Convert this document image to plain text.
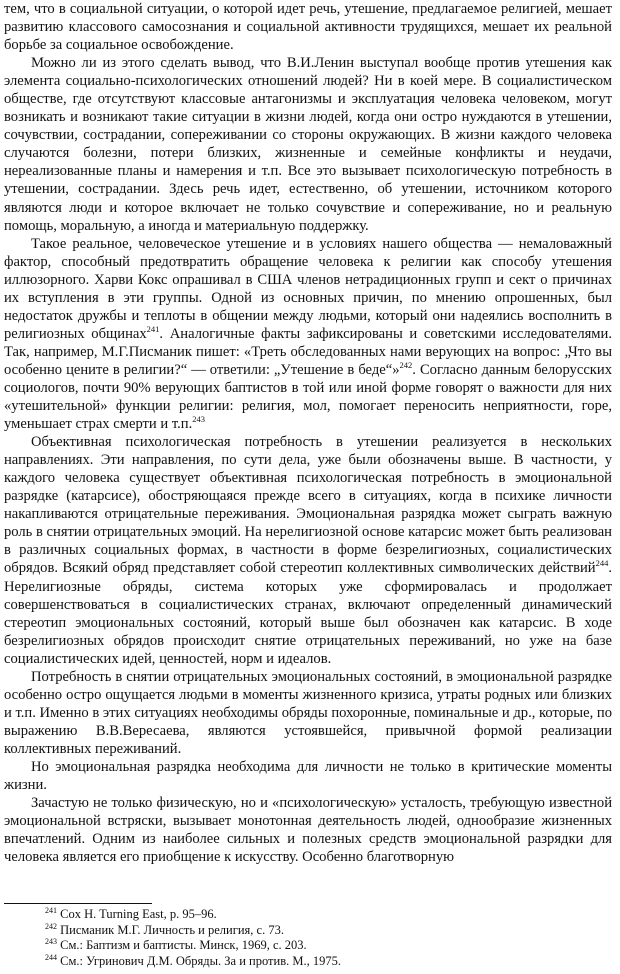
тем, что в социальной ситуации, о которой идет речь, утешение, предлагаемое религией, мешает развитию классового самосознания и социальной активности трудящихся, мешает их реальной борьбе за социальное освобождение.

Можно ли из этого сделать вывод, что В.И.Ленин выступал вообще против утешения как элемента социально-психологических отношений людей? Ни в коей мере. В социалистическом обществе, где отсутствуют классовые антагонизмы и эксплуатация человека человеком, могут возникать и возникают такие ситуации в жизни людей, когда они остро нуждаются в утешении, сочувствии, сострадании, сопереживании со стороны окружающих. В жизни каждого человека случаются болезни, потери близких, жизненные и семейные конфликты и неудачи, нереализованные планы и намерения и т.п. Все это вызывает психологическую потребность в утешении, сострадании. Здесь речь идет, естественно, об утешении, источником которого являются люди и которое включает не только сочувствие и сопереживание, но и реальную помощь, моральную, а иногда и материальную поддержку.

Такое реальное, человеческое утешение и в условиях нашего общества — немаловажный фактор, способный предотвратить обращение человека к религии как способу утешения иллюзорного. Харви Кокс опрашивал в США членов нетрадиционных групп и сект о причинах их вступления в эти группы. Одной из основных причин, по мнению опрошенных, был недостаток дружбы и теплоты в общении между людьми, который они надеялись восполнить в религиозных общинах$^{241}$. Аналогичные факты зафиксированы и советскими исследователями. Так, например, М.Г.Писманик пишет: «Треть обследованных нами верующих на вопрос: „Что вы особенно цените в религии?“ — ответили: „Утешение в беде“»$^{242}$. Согласно данным белорусских социологов, почти 90% верующих баптистов в той или иной форме говорят о важности для них «утешительной» функции религии: религия, мол, помогает переносить неприятности, горе, уменьшает страх смерти и т.п.$^{243}$

Объективная психологическая потребность в утешении реализуется в нескольких направлениях. Эти направления, по сути дела, уже были обозначены выше. В частности, у каждого человека существует объективная психологическая потребность в эмоциональной разрядке (катарсисе), обостряющаяся прежде всего в ситуациях, когда в психике личности накапливаются отрицательные переживания. Эмоциональная разрядка может сыграть важную роль в снятии отрицательных эмоций. На нерелигиозной основе катарсис может быть реализован в различных социальных формах, в частности в форме безрелигиозных, социалистических обрядов. Всякий обряд представляет собой стереотип коллективных символических действий$^{244}$. Нерелигиозные обряды, система которых уже сформировалась и продолжает совершенствоваться в социалистических странах, включают определенный динамический стереотип эмоциональных состояний, который выше был обозначен как катарсис. В ходе безрелигиозных обрядов происходит снятие отрицательных переживаний, но уже на базе социалистических идей, ценностей, норм и идеалов.

Потребность в снятии отрицательных эмоциональных состояний, в эмоциональной разрядке особенно остро ощущается людьми в моменты жизненного кризиса, утраты родных или близких и т.п. Именно в этих ситуациях необходимы обряды похоронные, поминальные и др., которые, по выражению В.В.Вересаева, являются устоявшейся, привычной формой реализации коллективных переживаний.

Но эмоциональная разрядка необходима для личности не только в критические моменты жизни.

Зачастую не только физическую, но и «психологическую» усталость, требующую известной эмоциональной встряски, вызывает монотонная деятельность людей, однообразие жизненных впечатлений. Одним из наиболее сильных и полезных средств эмоциональной разрядки для человека является его приобщение к искусству. Особенно благотворную

$^{241}$ Cox H. Turning East, p. 95–96.
$^{242}$ Писманик М.Г. Личность и религия, с. 73.
$^{243}$ См.: Баптизм и баптисты. Минск, 1969, с. 203.
$^{244}$ См.: Угринович Д.М. Обряды. За и против. М., 1975.
